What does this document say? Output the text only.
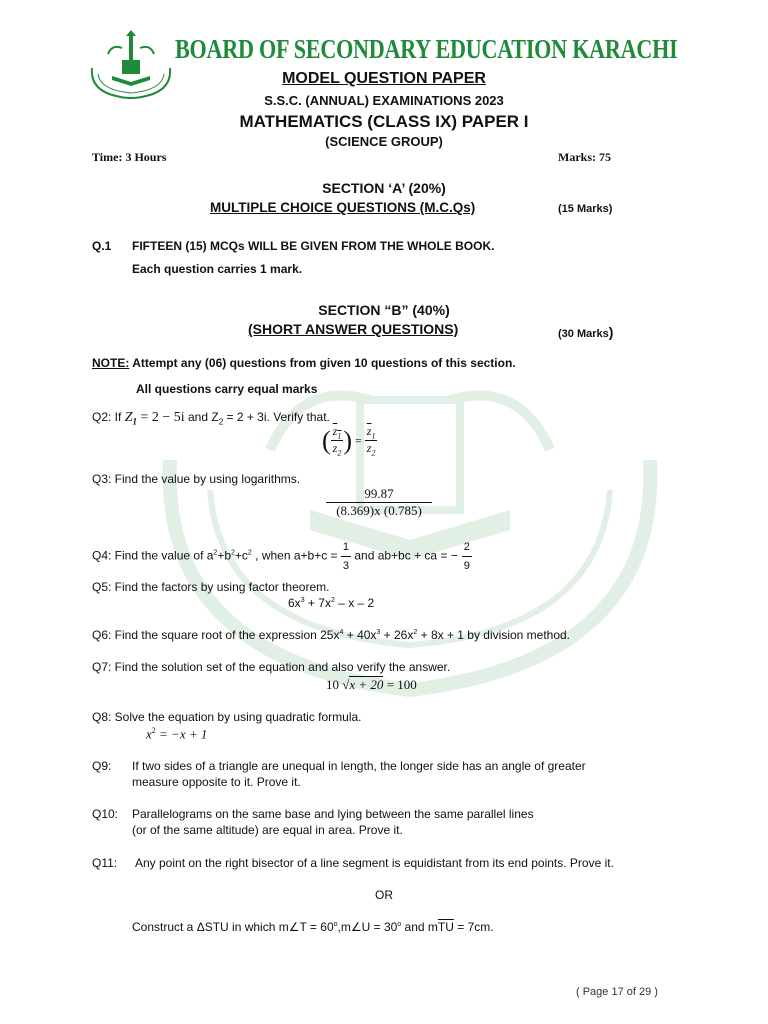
BOARD OF SECONDARY EDUCATION KARACHI
MODEL QUESTION PAPER
S.S.C. (ANNUAL) EXAMINATIONS 2023
MATHEMATICS (CLASS IX) PAPER I
(SCIENCE GROUP)
Time: 3 Hours	Marks: 75
SECTION ‘A’ (20%)
MULTIPLE CHOICE QUESTIONS (M.C.Qs)	(15 Marks)
Q.1 FIFTEEN (15) MCQs WILL BE GIVEN FROM THE WHOLE BOOK.
Each question carries 1 mark.
SECTION “B” (40%)
(SHORT ANSWER QUESTIONS)	(30 Marks)
NOTE: Attempt any (06) questions from given 10 questions of this section.
All questions carry equal marks
Q2: If $Z_1 = 2 - 5i$ and $Z_2 = 2 + 3i$. Verify that.
( $\frac{z_1}{z_2}$ ) = $\frac{\overline{z}_1}{\overline{z}_2}$
Q3: Find the value by using logarithms.
$\frac{99.87}{(8.369)x (0.785)}$
Q4: Find the value of $a^2+b^2+c^2$ , when $a+b+c = \frac{1}{3}$ and ab+bc + ca = − $\frac{2}{9}$
Q5: Find the factors by using factor theorem.
$6x^3 + 7x^2 - x - 2$
Q6: Find the square root of the expression $25x^4 + 40x^3 + 26x^2 + 8x + 1$ by division method.
Q7: Find the solution set of the equation and also verify the answer.
10 √x + 20 = 100
Q8: Solve the equation by using quadratic formula.
$x^2 = -x + 1$
Q9: If two sides of a triangle are unequal in length, the longer side has an angle of greater
measure opposite to it. Prove it.
Q10: Parallelograms on the same base and lying between the same parallel lines
(or of the same altitude) are equal in area. Prove it.
Q11: Any point on the right bisector of a line segment is equidistant from its end points. Prove it.
OR
Construct a ΔSTU in which m∠T = $60^o,m\angle U = 30^o$ and $m\overline{TU} = 7cm$.
( Page 17 of 29 )
